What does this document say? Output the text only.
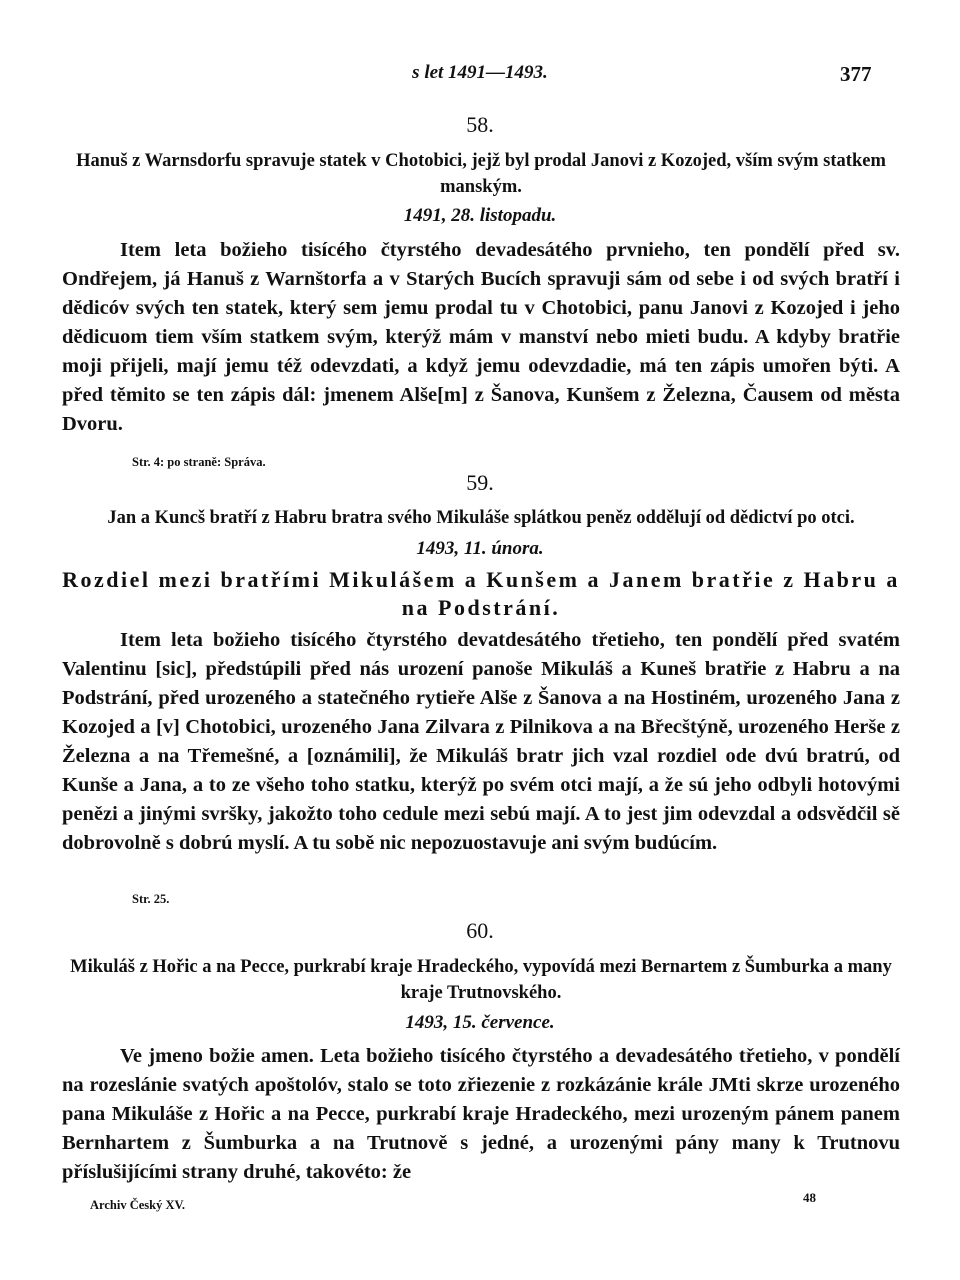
s let 1491—1493.	377
58.
Hanuš z Warnsdorfu spravuje statek v Chotobici, jejž byl prodal Janovi z Kozojed, vším svým statkem manským.
1491, 28. listopadu.

Item leta božieho tisícého čtyrstého devadesátého prvnieho, ten pondělí před sv. Ondřejem, já Hanuš z Warnštorfa a v Starých Bucích spravuji sám od sebe i od svých bratří i dědicóv svých ten statek, který sem jemu prodal tu v Chotobici, panu Janovi z Kozojed i jeho dědicuom tiem vším statkem svým, kterýž mám v manství nebo mieti budu. A kdyby bratřie moji přijeli, mají jemu též odevzdati, a když jemu odevzdadie, má ten zápis umořen býti. A před těmito se ten zápis dál: jmenem Alše[m] z Šanova, Kunšem z Železna, Čausem od města Dvoru.

Str. 4: po straně: Správa.
59.
Jan a Kuncš bratří z Habru bratra svého Mikuláše splátkou peněz oddělují od dědictví po otci.
1493, 11. února.
Rozdiel mezi bratřími Mikulášem a Kunšem a Janem bratřie z Habru a na Podstrání.

Item leta božieho tisícého čtyrstého devatdesátého třetieho, ten pondělí před svatém Valentinu [sic], předstúpili před nás urození panoše Mikuláš a Kuneš bratřie z Habru a na Podstrání, před urozeného a statečného rytieře Alše z Šanova a na Hostiném, urozeného Jana z Kozojed a [v] Chotobici, urozeného Jana Zilvara z Pilnikova a na Břecštýně, urozeného Herše z Železna a na Třemešné, a [oznámili], že Mikuláš bratr jich vzal rozdiel ode dvú bratrú, od Kunše a Jana, a to ze všeho toho statku, kterýž po svém otci mají, a že sú jeho odbyli hotovými penězi a jinými svršky, jakožto toho cedule mezi sebú mají. A to jest jim odevzdal a odsvědčil sě dobrovolně s dobrú myslí. A tu sobě nic nepozuostavuje ani svým budúcím.

Str. 25.
60.
Mikuláš z Hořic a na Pecce, purkrabí kraje Hradeckého, vypovídá mezi Bernartem z Šumburka a many kraje Trutnovského.
1493, 15. července.

Ve jmeno božie amen. Leta božieho tisícého čtyrstého a devadesátého třetieho, v pondělí na rozeslánie svatých apoštolóv, stalo se toto zřiezenie z rozkázánie krále JMti skrze urozeného pana Mikuláše z Hořic a na Pecce, purkrabí kraje Hradeckého, mezi urozeným pánem panem Bernhartem z Šumburka a na Trutnově s jedné, a urozenými pány many k Trutnovu příslušijícími strany druhé, takovéto: že

Archiv Český XV.	48
